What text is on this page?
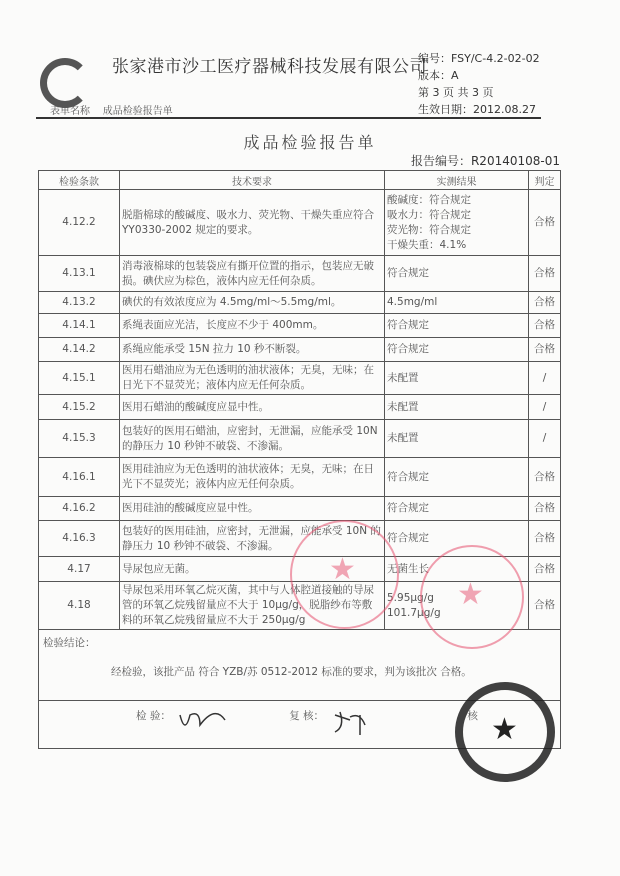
张家港市沙工医疗器械科技发展有限公司
编号：FSY/C-4.2-02-02
版本：A
第 3 页 共 3 页
生效日期：2012.08.27
表单名称 成品检验报告单
成品检验报告单
报告编号：R20140108-01
检验条款	技术要求	实测结果	判定
4.12.2	脱脂棉球的酸碱度、吸水力、荧光物、干燥失重应符合 YY0330-2002 规定的要求。	酸碱度：符合规定
吸水力：符合规定
荧光物：符合规定
干燥失重：4.1%	合格
4.13.1	消毒液棉球的包装袋应有撕开位置的指示，包装应无破损。碘伏应为棕色，液体内应无任何杂质。	符合规定	合格
4.13.2	碘伏的有效浓度应为 4.5mg/ml～5.5mg/ml。	4.5mg/ml	合格
4.14.1	系绳表面应光洁，长度应不少于 400mm。	符合规定	合格
4.14.2	系绳应能承受 15N 拉力 10 秒不断裂。	符合规定	合格
4.15.1	医用石蜡油应为无色透明的油状液体；无臭，无味；在日光下不显荧光；液体内应无任何杂质。	未配置	/
4.15.2	医用石蜡油的酸碱度应显中性。	未配置	/
4.15.3	包装好的医用石蜡油，应密封，无泄漏，应能承受 10N 的静压力 10 秒钟不破袋、不渗漏。	未配置	/
4.16.1	医用硅油应为无色透明的油状液体；无臭，无味；在日光下不显荧光；液体内应无任何杂质。	符合规定	合格
4.16.2	医用硅油的酸碱度应显中性。	符合规定	合格
4.16.3	包装好的医用硅油，应密封，无泄漏，应能承受 10N 的静压力 10 秒钟不破袋、不渗漏。	符合规定	合格
4.17	导尿包应无菌。	无菌生长	合格
4.18	导尿包采用环氧乙烷灭菌，其中与人体腔道接触的导尿管的环氧乙烷残留量应不大于 10μg/g，脱脂纱布等敷料的环氧乙烷残留量应不大于 250μg/g	5.95μg/g
101.7μg/g	合格

检验结论：
经检验，该批产品 符合 YZB/苏 0512-2012 标准的要求，判为该批次 合格。			

检 验： 复 核： 核			
★
★
★
